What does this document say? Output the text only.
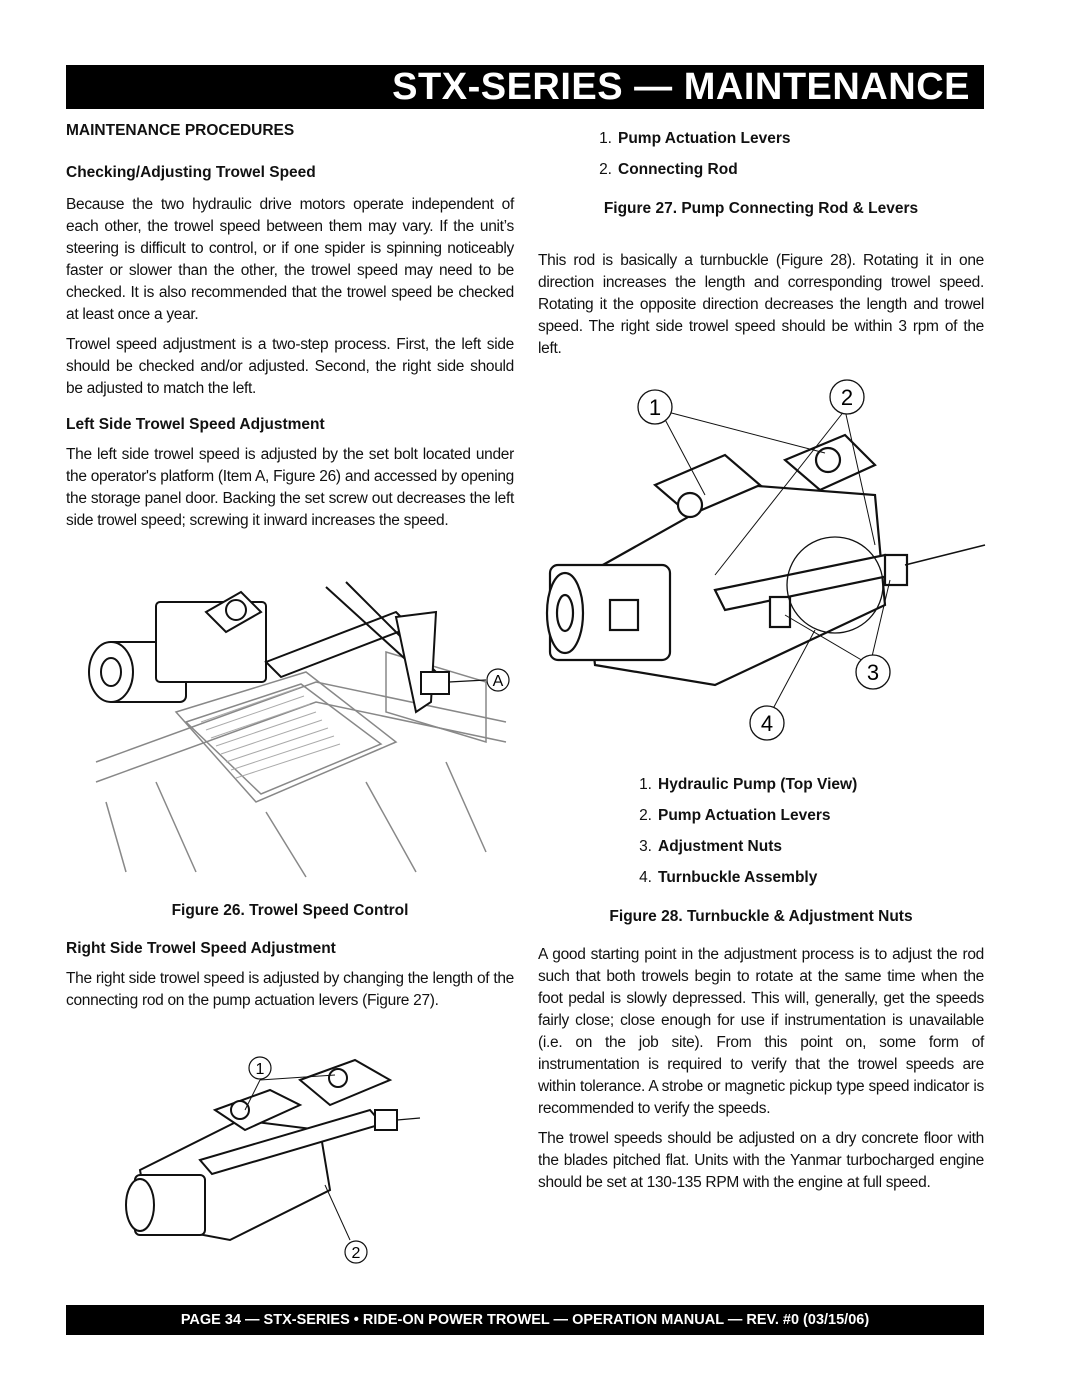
STX-SERIES — MAINTENANCE

MAINTENANCE PROCEDURES

Checking/Adjusting Trowel Speed

Because the two hydraulic drive motors operate independent of each other, the trowel speed between them may vary. If the unit’s steering is difficult to control, or if one spider is spinning noticeably faster or slower than the other, the trowel speed may need to be checked. It is also recommended that the trowel speed be checked at least once a year.

Trowel speed adjustment is a two-step process. First, the left side should be checked and/or adjusted. Second, the right side should be adjusted to match the left.

Left Side Trowel Speed Adjustment

The left side trowel speed is adjusted by the set bolt located under the operator's platform (Item A, Figure 26) and accessed by opening the storage panel door. Backing the set screw out decreases the left side trowel speed; screwing it inward increases the speed.

A

Figure 26. Trowel Speed Control

Right Side Trowel Speed Adjustment

The right side trowel speed is adjusted by changing the length of the connecting rod on the pump actuation levers (Figure 27).

1
2
1. Pump Actuation Levers
2. Connecting Rod

Figure 27. Pump Connecting Rod & Levers

This rod is basically a turnbuckle (Figure 28). Rotating it in one direction increases the length and corresponding trowel speed. Rotating it the opposite direction decreases the length and trowel speed. The right side trowel speed should be within 3 rpm of the left.

1	2
3
4
1. Hydraulic Pump (Top View)
2. Pump Actuation Levers
3. Adjustment Nuts
4. Turnbuckle Assembly

Figure 28. Turnbuckle & Adjustment Nuts

A good starting point in the adjustment process is to adjust the rod such that both trowels begin to rotate at the same time when the foot pedal is slowly depressed. This will, generally, get the speeds fairly close; close enough for use if instrumentation is unavailable (i.e. on the job site). From this point on, some form of instrumentation is required to verify that the trowel speeds are within tolerance. A strobe or magnetic pickup type speed indicator is recommended to verify the speeds.

The trowel speeds should be adjusted on a dry concrete floor with the blades pitched flat. Units with the Yanmar turbocharged engine should be set at 130-135 RPM with the engine at full speed.

PAGE 34 — STX-SERIES • RIDE-ON POWER TROWEL — OPERATION MANUAL — REV. #0 (03/15/06)
